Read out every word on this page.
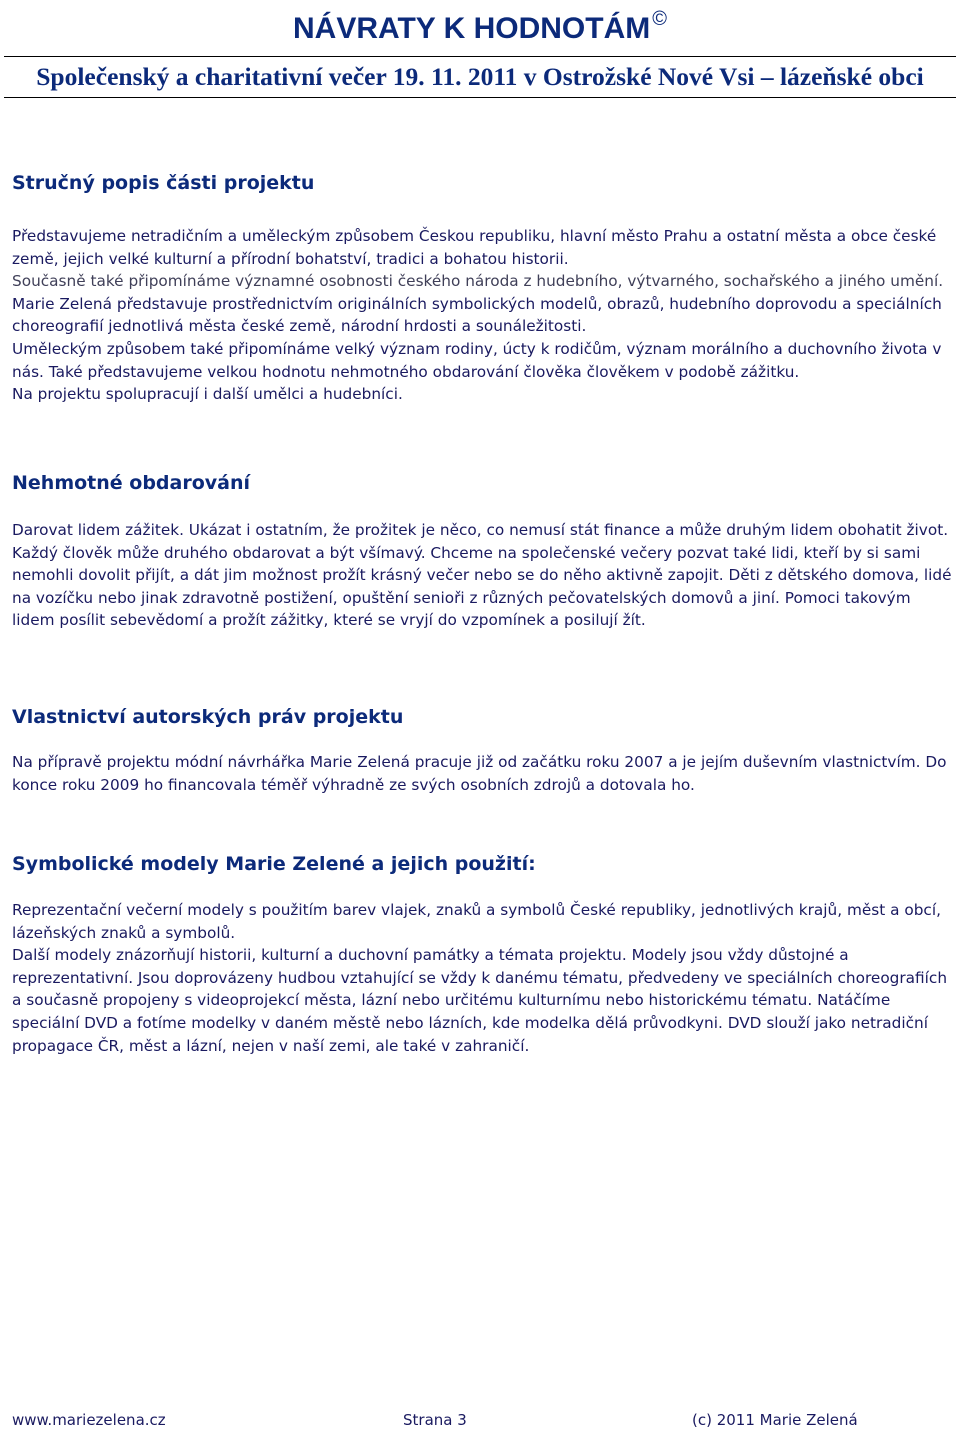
NÁVRATY K HODNOTÁM ©
Společenský a charitativní večer 19. 11. 2011 v Ostrožské Nové Vsi – lázeňské obci
Stručný popis části projektu

Představujeme netradičním a uměleckým způsobem Českou republiku, hlavní město Prahu a ostatní města a obce české země, jejich velké kulturní a přírodní bohatství, tradici a bohatou historii.

Současně také připomínáme významné osobnosti českého národa z hudebního, výtvarného, sochařského a jiného umění.

Marie Zelená představuje prostřednictvím originálních symbolických modelů, obrazů, hudebního doprovodu a speciálních choreografií jednotlivá města české země, národní hrdosti a sounáležitosti.

Uměleckým způsobem také připomínáme velký význam rodiny, úcty k rodičům, význam morálního a duchovního života v nás. Také představujeme velkou hodnotu nehmotného obdarování člověka člověkem v podobě zážitku.

Na projektu spolupracují i další umělci a hudebníci.

Nehmotné obdarování

Darovat lidem zážitek. Ukázat i ostatním, že prožitek je něco, co nemusí stát finance a může druhým lidem obohatit život. Každý člověk může druhého obdarovat a být všímavý. Chceme na společenské večery pozvat také lidi, kteří by si sami nemohli dovolit přijít, a dát jim možnost prožít krásný večer nebo se do něho aktivně zapojit. Děti z dětského domova, lidé na vozíčku nebo jinak zdravotně postižení, opuštění senioři z různých pečovatelských domovů a jiní. Pomoci takovým lidem posílit sebevědomí a prožít zážitky, které se vryjí do vzpomínek a posilují žít.

Vlastnictví autorských práv projektu

Na přípravě projektu módní návrhářka Marie Zelená pracuje již od začátku roku 2007 a je jejím duševním vlastnictvím. Do konce roku 2009 ho financovala téměř výhradně ze svých osobních zdrojů a dotovala ho.

Symbolické modely Marie Zelené a jejich použití:

Reprezentační večerní modely s použitím barev vlajek, znaků a symbolů České republiky, jednotlivých krajů, měst a obcí, lázeňských znaků a symbolů.

Další modely znázorňují historii, kulturní a duchovní památky a témata projektu. Modely jsou vždy důstojné a reprezentativní. Jsou doprovázeny hudbou vztahující se vždy k danému tématu, předvedeny ve speciálních choreografiích a současně propojeny s videoprojekcí města, lázní nebo určitému kulturnímu nebo historickému tématu. Natáčíme speciální DVD a fotíme modelky v daném městě nebo lázních, kde modelka dělá průvodkyni. DVD slouží jako netradiční propagace ČR, měst a lázní, nejen v naší zemi, ale také v zahraničí.

www.mariezelena.cz	Strana 3	(c) 2011 Marie Zelená
